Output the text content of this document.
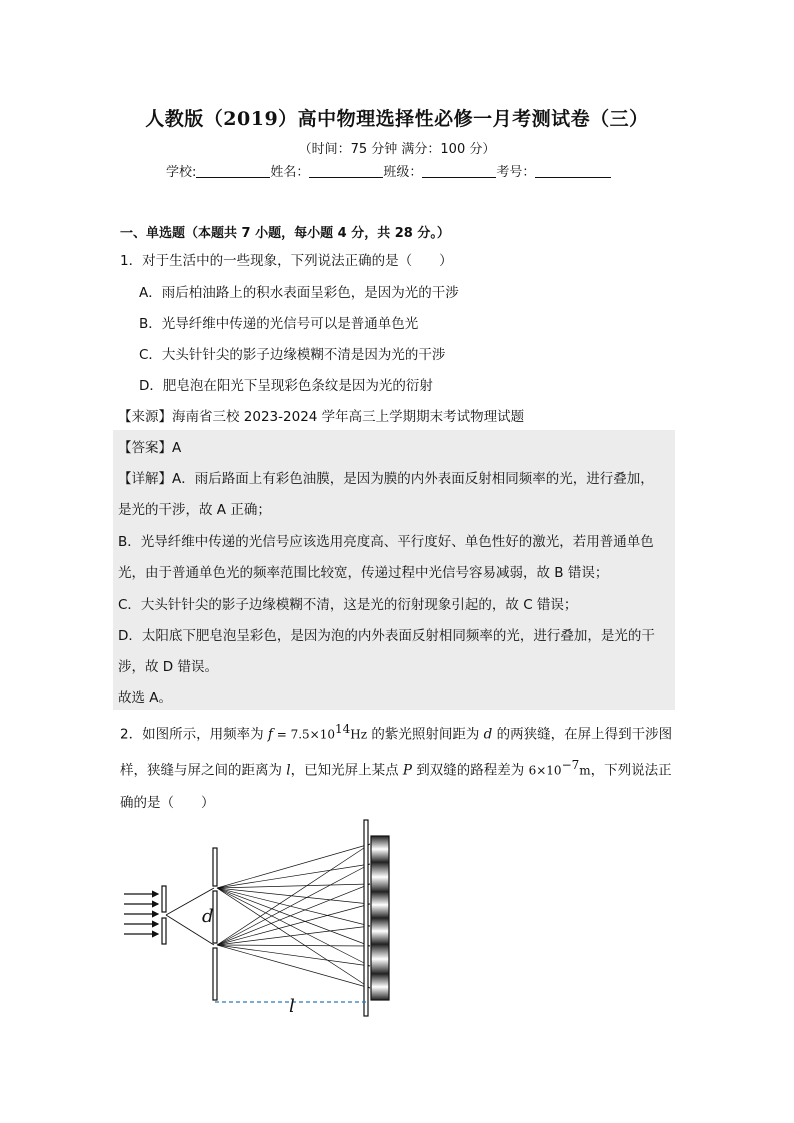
人教版（2019）高中物理选择性必修一月考测试卷（三）
（时间：75 分钟 满分：100 分）
学校:	姓名：	班级：	考号：
一、单选题（本题共 7 小题，每小题 4 分，共 28 分。）
1．对于生活中的一些现象，下列说法正确的是（　　）
A．雨后柏油路上的积水表面呈彩色，是因为光的干涉
B．光导纤维中传递的光信号可以是普通单色光
C．大头针针尖的影子边缘模糊不清是因为光的干涉
D．肥皂泡在阳光下呈现彩色条纹是因为光的衍射
【来源】海南省三校 2023-2024 学年高三上学期期末考试物理试题
【答案】A
【详解】A．雨后路面上有彩色油膜，是因为膜的内外表面反射相同频率的光，进行叠加，
是光的干涉，故 A 正确；
B．光导纤维中传递的光信号应该选用亮度高、平行度好、单色性好的激光，若用普通单色
光，由于普通单色光的频率范围比较宽，传递过程中光信号容易减弱，故 B 错误；
C．大头针针尖的影子边缘模糊不清，这是光的衍射现象引起的，故 C 错误；
D．太阳底下肥皂泡呈彩色，是因为泡的内外表面反射相同频率的光，进行叠加，是光的干
涉，故 D 错误。
故选 A。
2．如图所示，用频率为 $f = 7.5\times 10^{14}Hz$ 的紫光照射间距为 d 的两狭缝，在屏上得到干涉图
样，狭缝与屏之间的距离为 l，已知光屏上某点 P 到双缝的路程差为 $6\times 10^{-7}m$，下列说法正
确的是（　　）
d
l
